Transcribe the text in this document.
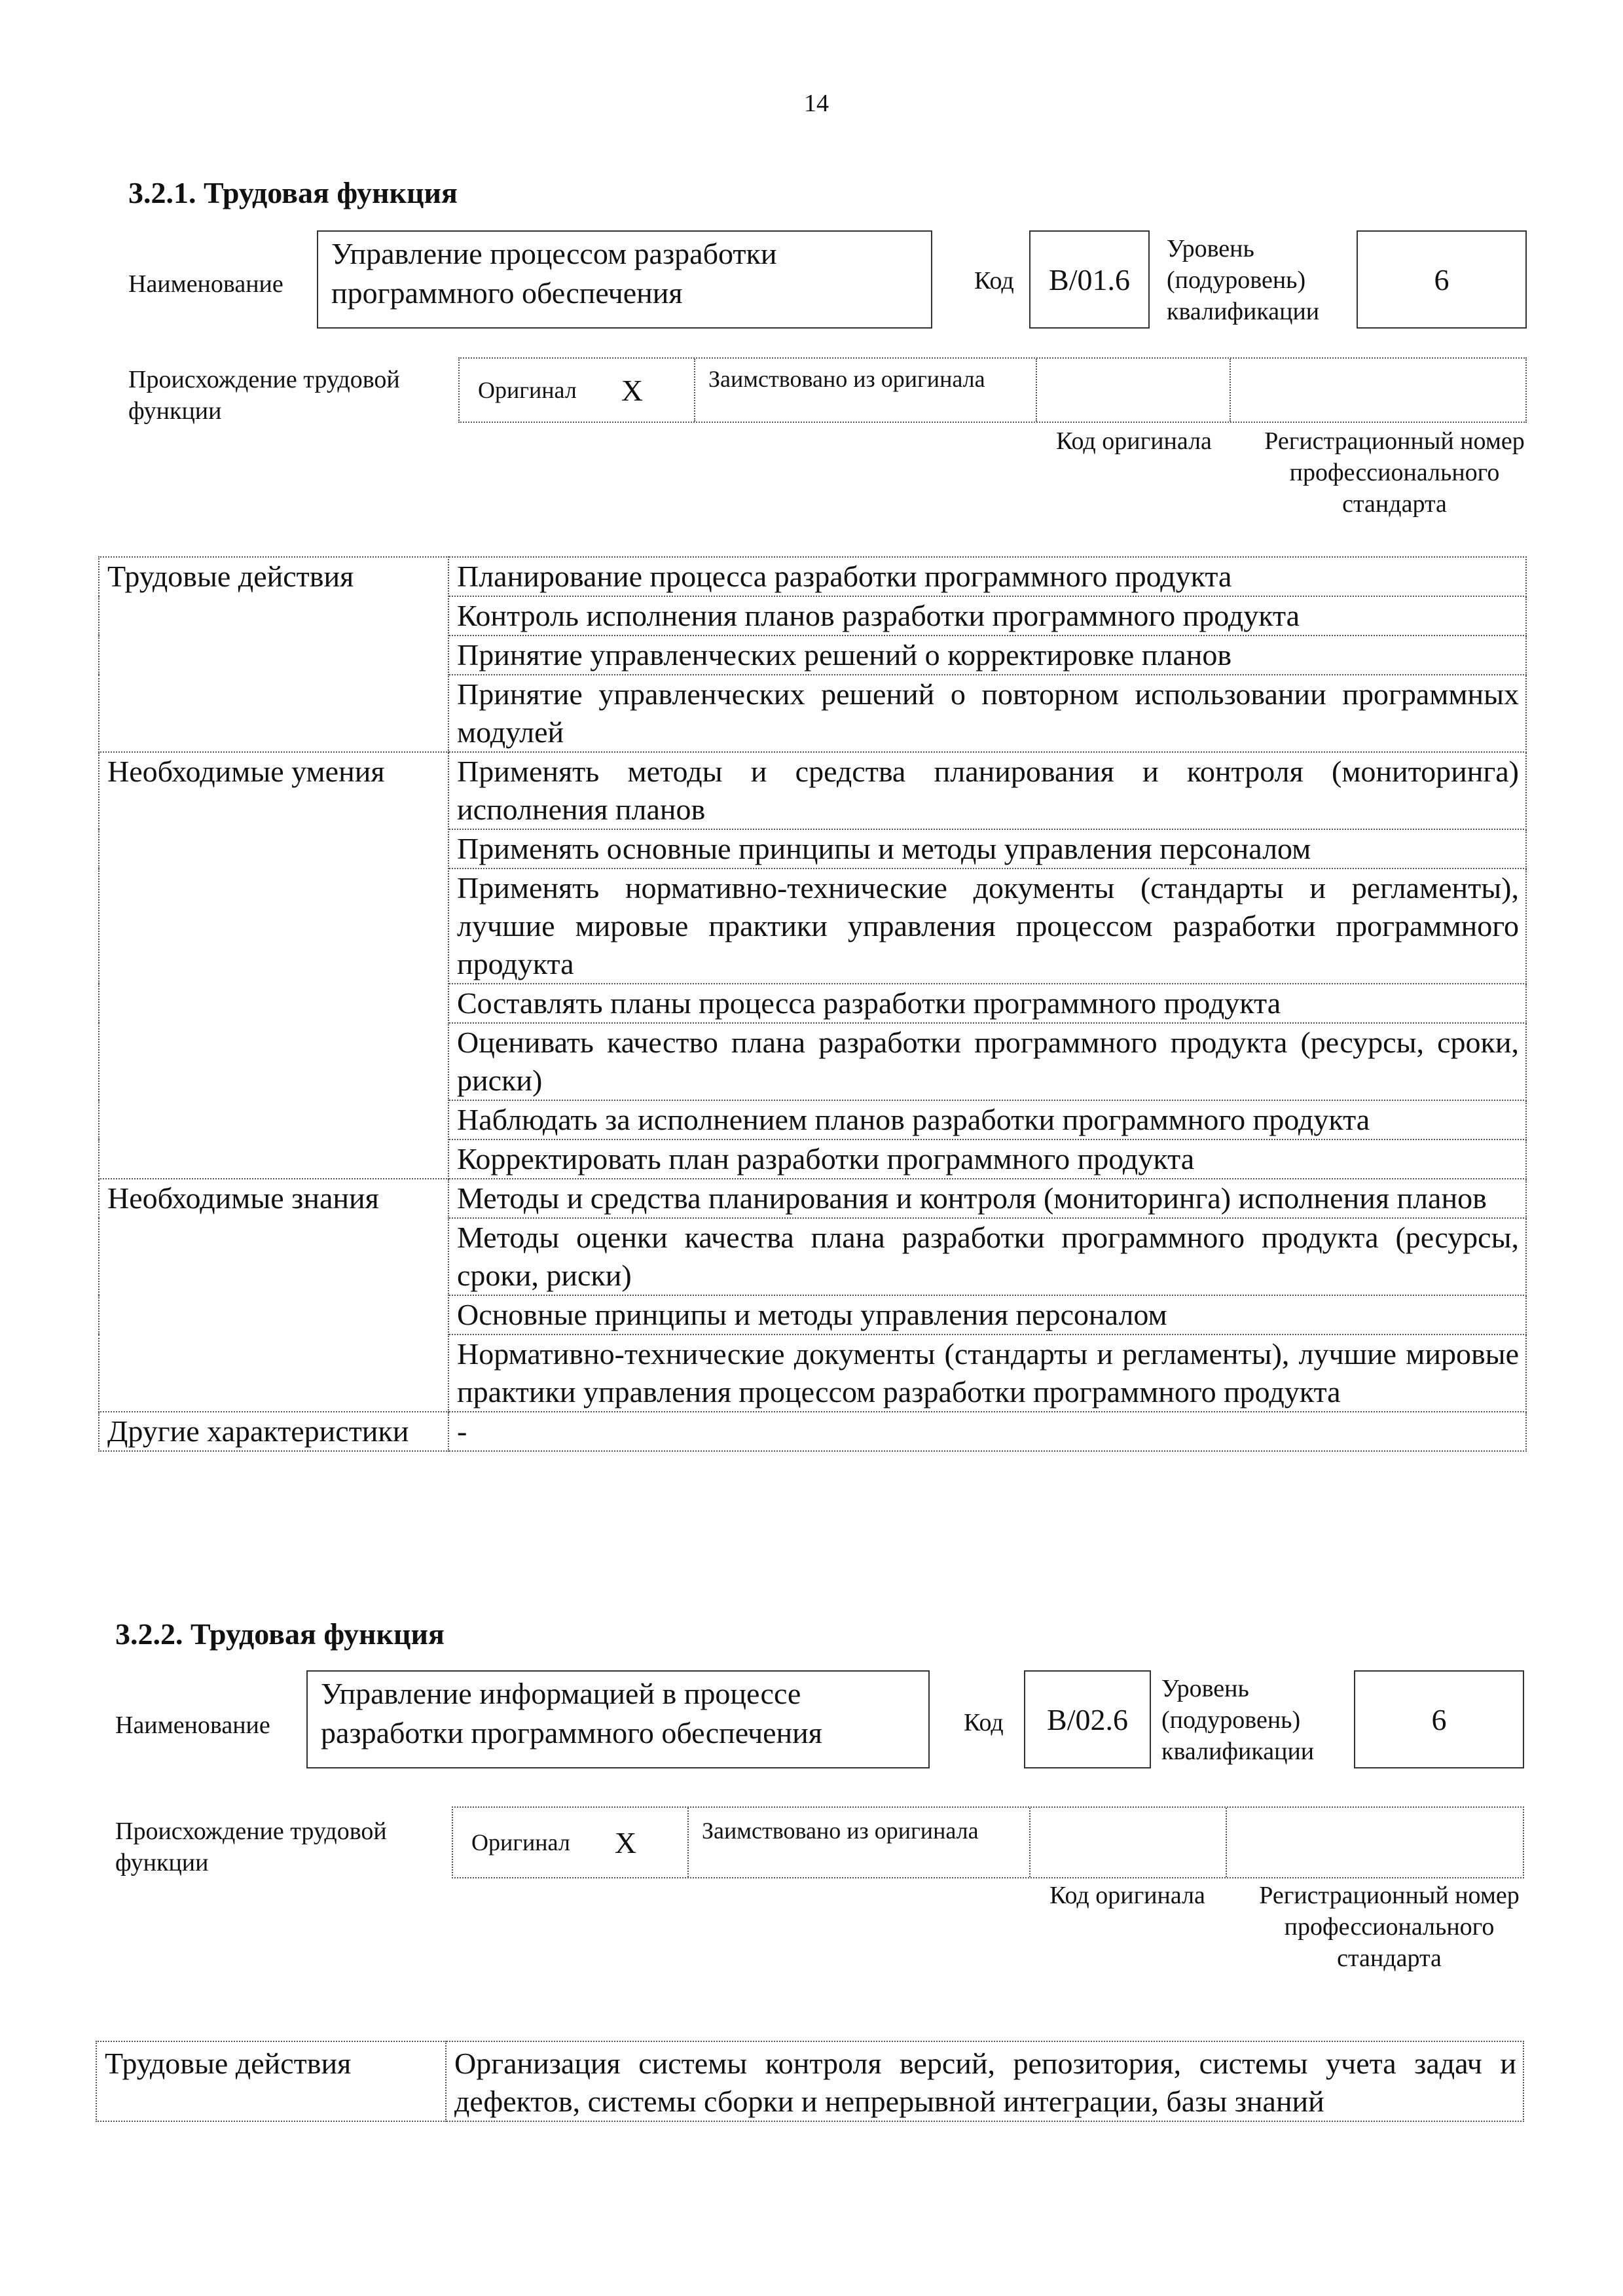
14
3.2.1. Трудовая функция
Наименование
Управление процессом разработки программного обеспечения	Код	B/01.6
Уровень (подуровень) квалификации
6
Происхождение трудовой функции
Оригинал X	Заимствовано из оригинала
Код оригинала	Регистрационный номер профессионального стандарта
Трудовые действия	Планирование процесса разработки программного продукта
	Контроль исполнения планов разработки программного продукта
	Принятие управленческих решений о корректировке планов
	Принятие управленческих решений о повторном использовании программных модулей
Необходимые умения	Применять методы и средства планирования и контроля (мониторинга) исполнения планов
	Применять основные принципы и методы управления персоналом
	Применять нормативно-технические документы (стандарты и регламенты), лучшие мировые практики управления процессом разработки программного продукта
	Составлять планы процесса разработки программного продукта
	Оценивать качество плана разработки программного продукта (ресурсы, сроки, риски)
	Наблюдать за исполнением планов разработки программного продукта
	Корректировать план разработки программного продукта
Необходимые знания	Методы и средства планирования и контроля (мониторинга) исполнения планов
	Методы оценки качества плана разработки программного продукта (ресурсы, сроки, риски)
	Основные принципы и методы управления персоналом
	Нормативно-технические документы (стандарты и регламенты), лучшие мировые практики управления процессом разработки программного продукта
Другие характеристики	-
3.2.2. Трудовая функция
Наименование
Управление информацией в процессе разработки программного обеспечения	Код	B/02.6
Уровень (подуровень) квалификации
6
Происхождение трудовой функции
Оригинал X	Заимствовано из оригинала
Код оригинала	Регистрационный номер профессионального стандарта
Трудовые действия	Организация системы контроля версий, репозитория, системы учета задач и дефектов, системы сборки и непрерывной интеграции, базы знаний
